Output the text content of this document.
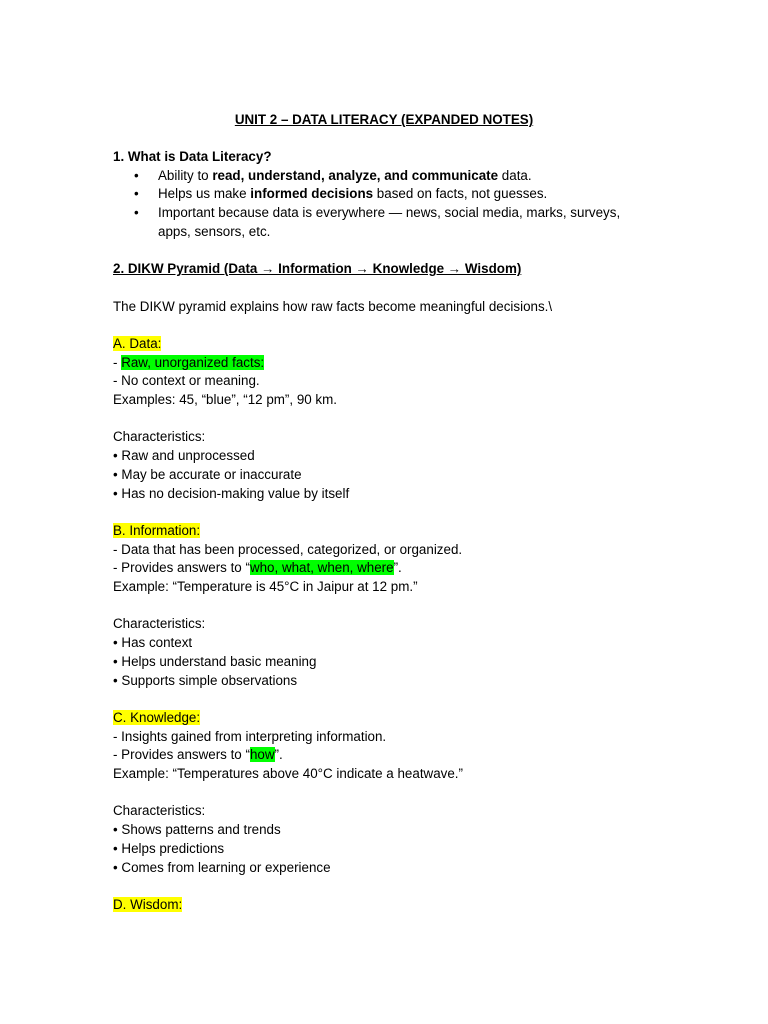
UNIT 2 – DATA LITERACY (EXPANDED NOTES)

1. What is Data Literacy?
• Ability to read, understand, analyze, and communicate data.
• Helps us make informed decisions based on facts, not guesses.
• Important because data is everywhere — news, social media, marks, surveys, apps, sensors, etc.
2. DIKW Pyramid (Data → Information → Knowledge → Wisdom)
The DIKW pyramid explains how raw facts become meaningful decisions.\
A. Data:
- Raw, unorganized facts:
- No context or meaning.
Examples: 45, “blue”, “12 pm”, 90 km.
Characteristics:
• Raw and unprocessed
• May be accurate or inaccurate
• Has no decision-making value by itself
B. Information:
- Data that has been processed, categorized, or organized.
- Provides answers to “who, what, when, where”.
Example: “Temperature is 45°C in Jaipur at 12 pm.”
Characteristics:
• Has context
• Helps understand basic meaning
• Supports simple observations
C. Knowledge:
- Insights gained from interpreting information.
- Provides answers to “how”.
Example: “Temperatures above 40°C indicate a heatwave.”
Characteristics:
• Shows patterns and trends
• Helps predictions
• Comes from learning or experience
D. Wisdom:
